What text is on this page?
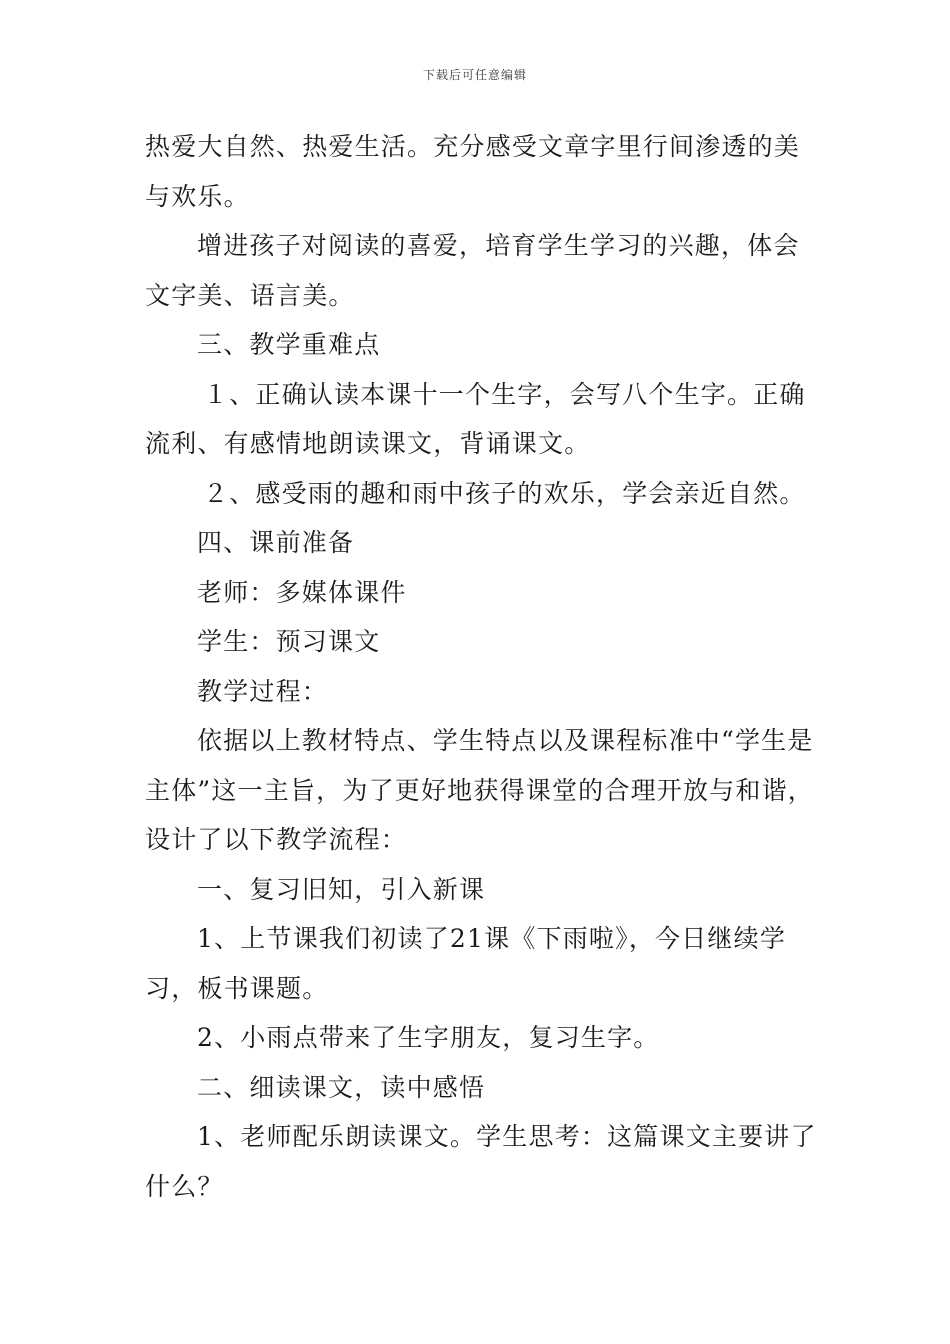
下载后可任意编辑

热爱大自然、热爱生活。充分感受文章字里行间渗透的美与欢乐。

增进孩子对阅读的喜爱，培育学生学习的兴趣，体会文字美、语言美。

三、教学重难点

１、正确认读本课十一个生字，会写八个生字。正确流利、有感情地朗读课文，背诵课文。

２、感受雨的趣和雨中孩子的欢乐，学会亲近自然。

四、课前准备

老师：多媒体课件

学生：预习课文

教学过程：

依据以上教材特点、学生特点以及课程标准中“学生是主体”这一主旨，为了更好地获得课堂的合理开放与和谐，设计了以下教学流程：

一、复习旧知，引入新课

1、上节课我们初读了21课《下雨啦》，今日继续学习，板书课题。

2、小雨点带来了生字朋友，复习生字。

二、细读课文，读中感悟

1、老师配乐朗读课文。学生思考：这篇课文主要讲了什么？
